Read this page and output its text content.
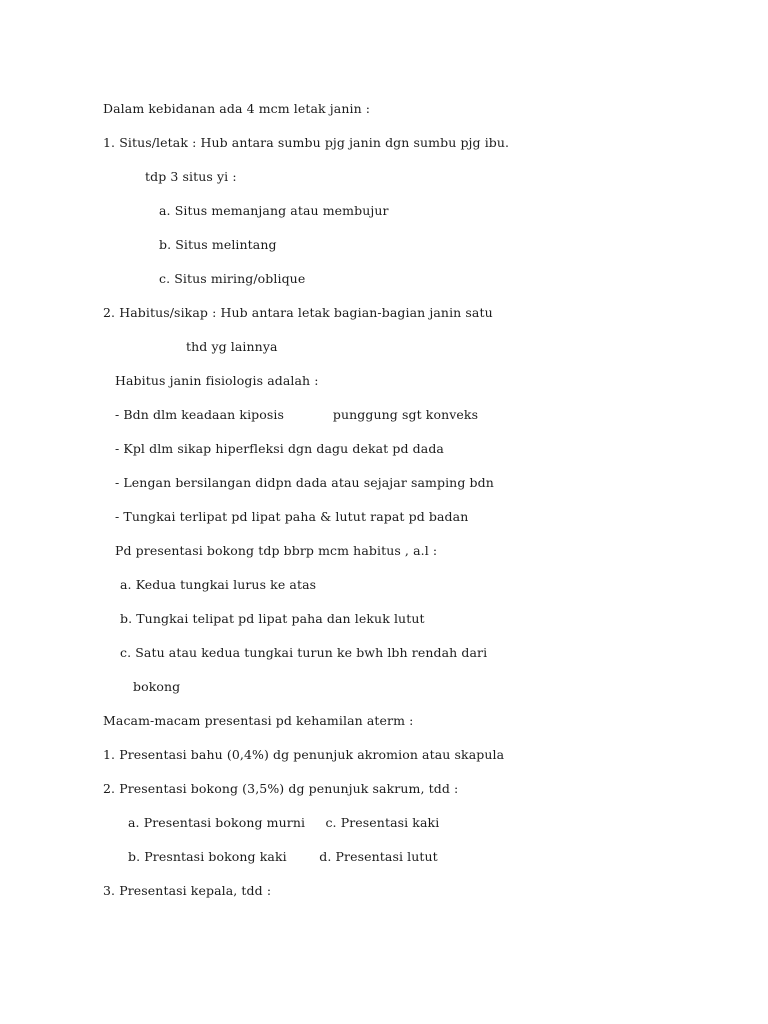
Dalam kebidanan ada 4 mcm letak janin :
1. Situs/letak : Hub antara sumbu pjg janin dgn sumbu pjg ibu.
tdp 3 situs yi :
a. Situs memanjang atau membujur
b. Situs melintang
c. Situs miring/oblique
2. Habitus/sikap : Hub antara letak bagian-bagian janin satu
thd yg lainnya
Habitus janin fisiologis adalah :
- Bdn dlm keadaan kiposis            punggung sgt konveks
- Kpl dlm sikap hiperfleksi dgn dagu dekat pd dada
- Lengan bersilangan didpn dada atau sejajar samping bdn
- Tungkai terlipat pd lipat paha & lutut rapat pd badan
Pd presentasi bokong tdp bbrp mcm habitus , a.l :
a. Kedua tungkai lurus ke atas
b. Tungkai telipat pd lipat paha dan lekuk lutut
c. Satu atau kedua tungkai turun ke bwh lbh rendah dari
bokong
Macam-macam presentasi pd kehamilan aterm :
1. Presentasi bahu (0,4%) dg penunjuk akromion atau skapula
2. Presentasi bokong (3,5%) dg penunjuk sakrum, tdd :
a. Presentasi bokong murni     c. Presentasi kaki
b. Presntasi bokong kaki        d. Presentasi lutut
3. Presentasi kepala, tdd :
